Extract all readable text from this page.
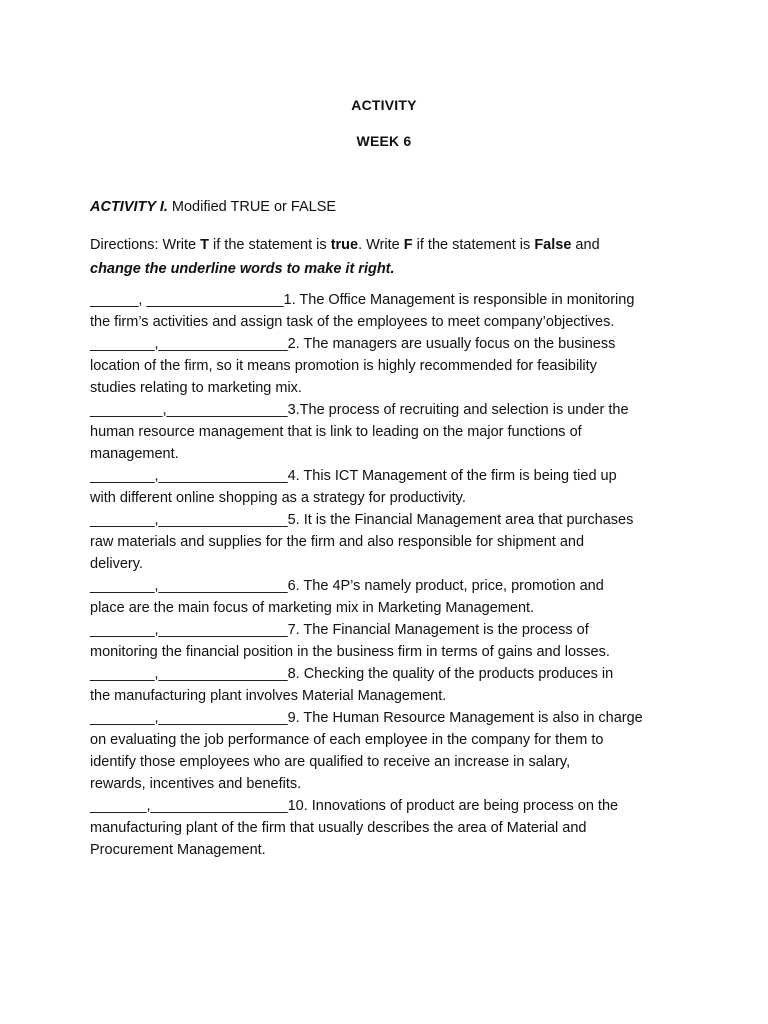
ACTIVITY
WEEK 6
ACTIVITY I. Modified TRUE or FALSE
Directions: Write T if the statement is true. Write F if the statement is False and
change the underline words to make it right.
______, _________________1. The Office Management is responsible in monitoring
the firm’s activities and assign task of the employees to meet company’objectives.
________,________________2. The managers are usually focus on the business
location of the firm, so it means promotion is highly recommended for feasibility
studies relating to marketing mix.
_________,_______________3.The process of recruiting and selection is under the
human resource management that is link to leading on the major functions of
management.
________,________________4. This ICT Management of the firm is being tied up
with different online shopping as a strategy for productivity.
________,________________5. It is the Financial Management area that purchases
raw materials and supplies for the firm and also responsible for shipment and
delivery.
________,________________6. The 4P’s namely product, price, promotion and
place are the main focus of marketing mix in Marketing Management.
________,________________7. The Financial Management is the process of
monitoring the financial position in the business firm in terms of gains and losses.
________,________________8. Checking the quality of the products produces in
the manufacturing plant involves Material Management.
________,________________9. The Human Resource Management is also in charge
on evaluating the job performance of each employee in the company for them to
identify those employees who are qualified to receive an increase in salary,
rewards, incentives and benefits.
_______,_________________10. Innovations of product are being process on the
manufacturing plant of the firm that usually describes the area of Material and
Procurement Management.
